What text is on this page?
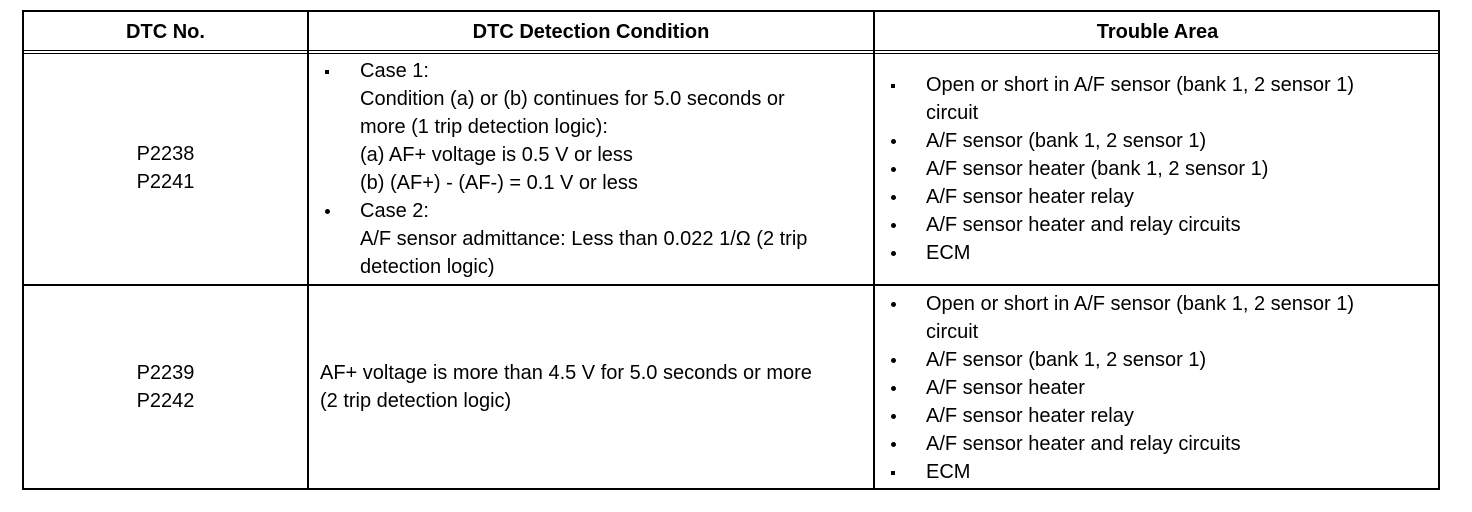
DTC No.	DTC Detection Condition	Trouble Area
P2238
P2241
Case 1:
Condition (a) or (b) continues for 5.0 seconds or
more (1 trip detection logic):
(a) AF+ voltage is 0.5 V or less
(b) (AF+) - (AF-) = 0.1 V or less
Case 2:
A/F sensor admittance: Less than 0.022 1/Ω (2 trip
detection logic)
Open or short in A/F sensor (bank 1, 2 sensor 1)
circuit
A/F sensor (bank 1, 2 sensor 1)
A/F sensor heater (bank 1, 2 sensor 1)
A/F sensor heater relay
A/F sensor heater and relay circuits
ECM
P2239
P2242
AF+ voltage is more than 4.5 V for 5.0 seconds or more
(2 trip detection logic)
Open or short in A/F sensor (bank 1, 2 sensor 1)
circuit
A/F sensor (bank 1, 2 sensor 1)
A/F sensor heater
A/F sensor heater relay
A/F sensor heater and relay circuits
ECM
